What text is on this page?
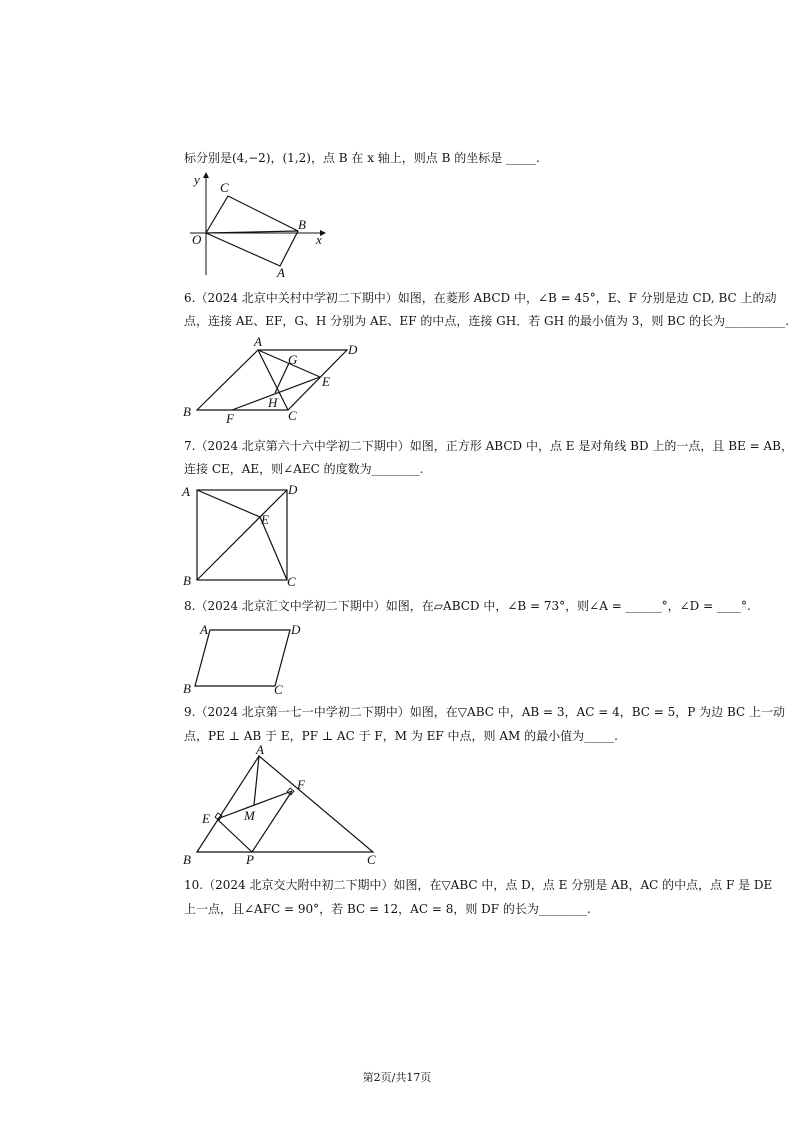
标分别是(4,−2)，(1,2)，点 B 在 x 轴上，则点 B 的坐标是 _____.
y
C
B
O	x
A
6.（2024 北京中关村中学初二下期中）如图，在菱形 ABCD 中，∠B = 45°，E、F 分别是边 CD, BC 上的动
点，连接 AE、EF，G、H 分别为 AE、EF 的中点，连接 GH．若 GH 的最小值为 3，则 BC 的长为__________.
A
D
G
E
H
B	F	C
7.（2024 北京第六十六中学初二下期中）如图，正方形 ABCD 中，点 E 是对角线 BD 上的一点，且 BE = AB，
连接 CE，AE，则∠AEC 的度数为________.
A	D
E
B	C
8.（2024 北京汇文中学初二下期中）如图，在▱ABCD 中，∠B = 73°，则∠A = ______°，∠D = ____°.
A	D
B	C
9.（2024 北京第一七一中学初二下期中）如图，在▽ABC 中，AB = 3，AC = 4，BC = 5，P 为边 BC 上一动
点，PE ⊥ AB 于 E，PF ⊥ AC 于 F，M 为 EF 中点，则 AM 的最小值为_____.
A
F
E	M
B	P	C
10.（2024 北京交大附中初二下期中）如图，在▽ABC 中，点 D，点 E 分别是 AB，AC 的中点，点 F 是 DE
上一点，且∠AFC = 90°，若 BC = 12，AC = 8，则 DF 的长为________.
第2页/共17页
